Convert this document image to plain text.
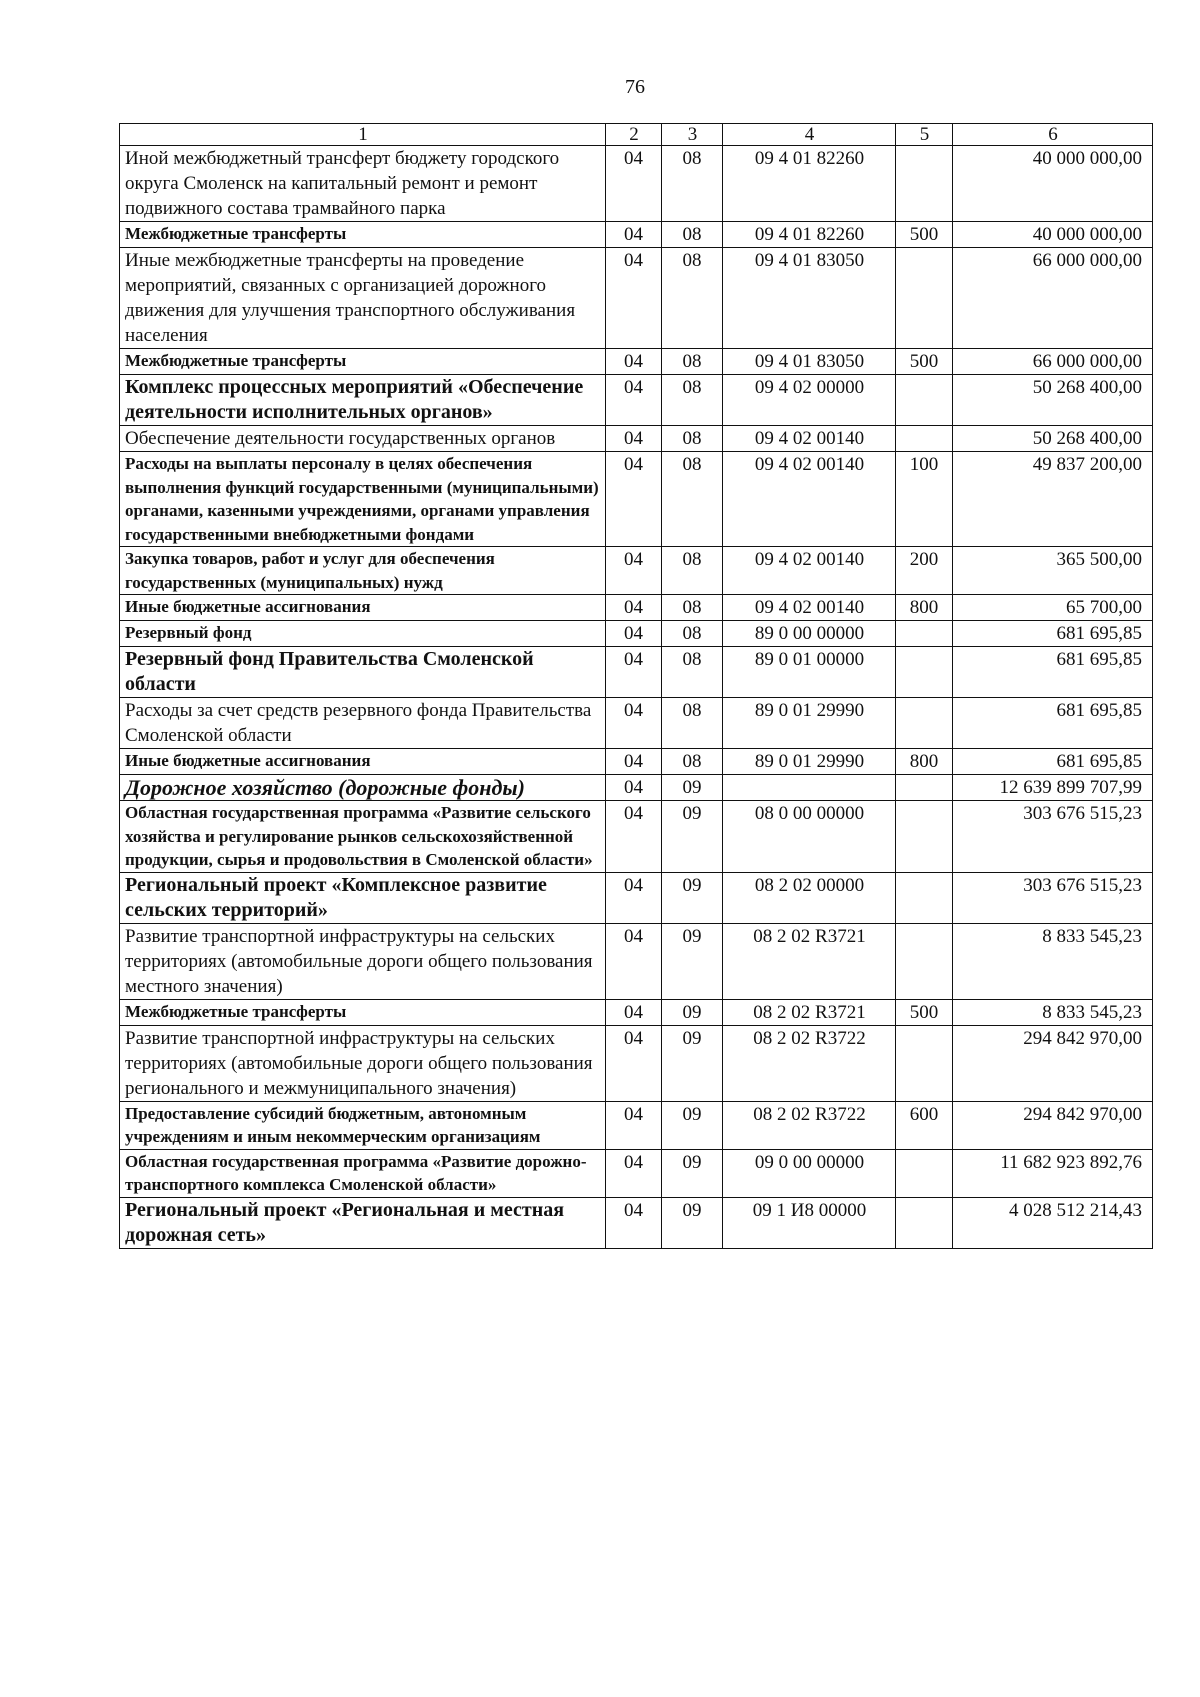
76
1	2	3	4	5	6
Иной межбюджетный трансферт бюджету городского округа Смоленск на капитальный ремонт и ремонт подвижного состава трамвайного парка	04	08	09 4 01 82260		40 000 000,00
Межбюджетные трансферты	04	08	09 4 01 82260	500	40 000 000,00
Иные межбюджетные трансферты на проведение мероприятий, связанных с организацией дорожного движения для улучшения транспортного обслуживания населения	04	08	09 4 01 83050		66 000 000,00
Межбюджетные трансферты	04	08	09 4 01 83050	500	66 000 000,00
Комплекс процессных мероприятий «Обеспечение деятельности исполнительных органов»	04	08	09 4 02 00000		50 268 400,00
Обеспечение деятельности государственных органов	04	08	09 4 02 00140		50 268 400,00
Расходы на выплаты персоналу в целях обеспечения выполнения функций государственными (муниципальными) органами, казенными учреждениями, органами управления государственными внебюджетными фондами	04	08	09 4 02 00140	100	49 837 200,00
Закупка товаров, работ и услуг для обеспечения государственных (муниципальных) нужд	04	08	09 4 02 00140	200	365 500,00
Иные бюджетные ассигнования	04	08	09 4 02 00140	800	65 700,00
Резервный фонд	04	08	89 0 00 00000		681 695,85
Резервный фонд Правительства Смоленской области	04	08	89 0 01 00000		681 695,85
Расходы за счет средств резервного фонда Правительства Смоленской области	04	08	89 0 01 29990		681 695,85
Иные бюджетные ассигнования	04	08	89 0 01 29990	800	681 695,85
Дорожное хозяйство (дорожные фонды)	04	09			12 639 899 707,99
Областная государственная программа «Развитие сельского хозяйства и регулирование рынков сельскохозяйственной продукции, сырья и продовольствия в Смоленской области»	04	09	08 0 00 00000		303 676 515,23
Региональный проект «Комплексное развитие сельских территорий»	04	09	08 2 02 00000		303 676 515,23
Развитие транспортной инфраструктуры на сельских территориях (автомобильные дороги общего пользования местного значения)	04	09	08 2 02 R3721		8 833 545,23
Межбюджетные трансферты	04	09	08 2 02 R3721	500	8 833 545,23
Развитие транспортной инфраструктуры на сельских территориях (автомобильные дороги общего пользования регионального и межмуниципального значения)	04	09	08 2 02 R3722		294 842 970,00
Предоставление субсидий бюджетным, автономным учреждениям и иным некоммерческим организациям	04	09	08 2 02 R3722	600	294 842 970,00
Областная государственная программа «Развитие дорожно-транспортного комплекса Смоленской области»	04	09	09 0 00 00000		11 682 923 892,76
Региональный проект «Региональная и местная дорожная сеть»	04	09	09 1 И8 00000		4 028 512 214,43
